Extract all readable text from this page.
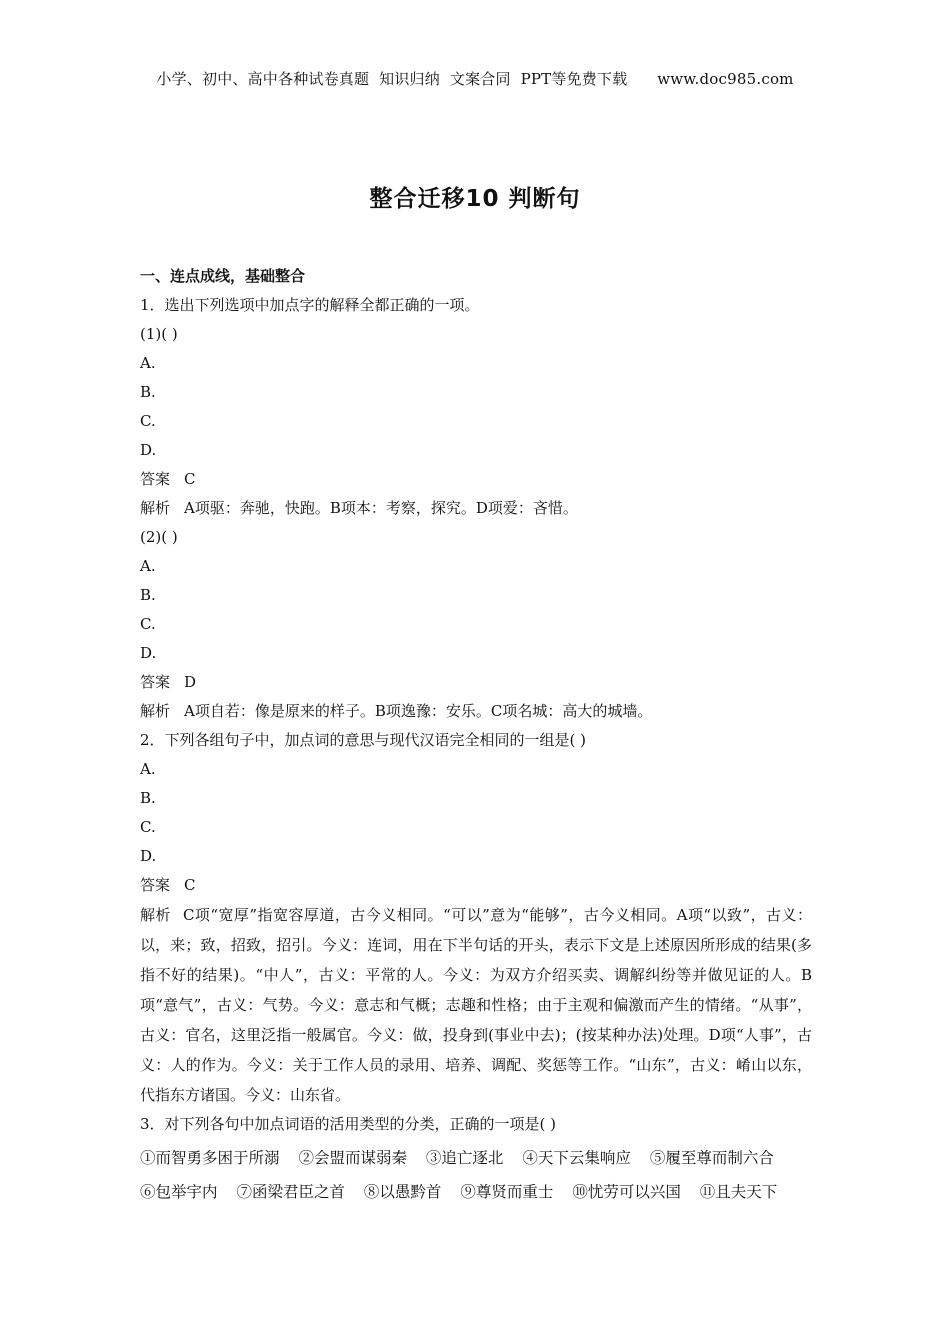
小学、初中、高中各种试卷真题  知识归纳  文案合同  PPT等免费下载      www.doc985.com
整合迁移10 判断句
一、连点成线，基础整合
1．选出下列选项中加点字的解释全都正确的一项。
(1)( )
A.
B.
C.
D.
答案 C
解析 A项驱：奔驰，快跑。B项本：考察，探究。D项爱：吝惜。
(2)( )
A.
B.
C.
D.
答案 D
解析 A项自若：像是原来的样子。B项逸豫：安乐。C项名城：高大的城墙。
2．下列各组句子中，加点词的意思与现代汉语完全相同的一组是( )
A.
B.
C.
D.
答案 C
解析 C项“宽厚”指宽容厚道，古今义相同。“可以”意为“能够”，古今义相同。A项“以致”，古义：以，来；致，招致，招引。今义：连词，用在下半句话的开头，表示下文是上述原因所形成的结果(多指不好的结果)。“中人”，古义：平常的人。今义：为双方介绍买卖、调解纠纷等并做见证的人。B项“意气”，古义：气势。今义：意志和气概；志趣和性格；由于主观和偏激而产生的情绪。“从事”，古义：官名，这里泛指一般属官。今义：做，投身到(事业中去)；(按某种办法)处理。D项“人事”，古义：人的作为。今义：关于工作人员的录用、培养、调配、奖惩等工作。“山东”，古义：崤山以东，代指东方诸国。今义：山东省。
3．对下列各句中加点词语的活用类型的分类，正确的一项是( )
①而智勇多困于所溺 ②会盟而谋弱秦 ③追亡逐北 ④天下云集响应 ⑤履至尊而制六合 ⑥包举宇内 ⑦函梁君臣之首 ⑧以愚黔首 ⑨尊贤而重士 ⑩忧劳可以兴国 ⑪且夫天下
